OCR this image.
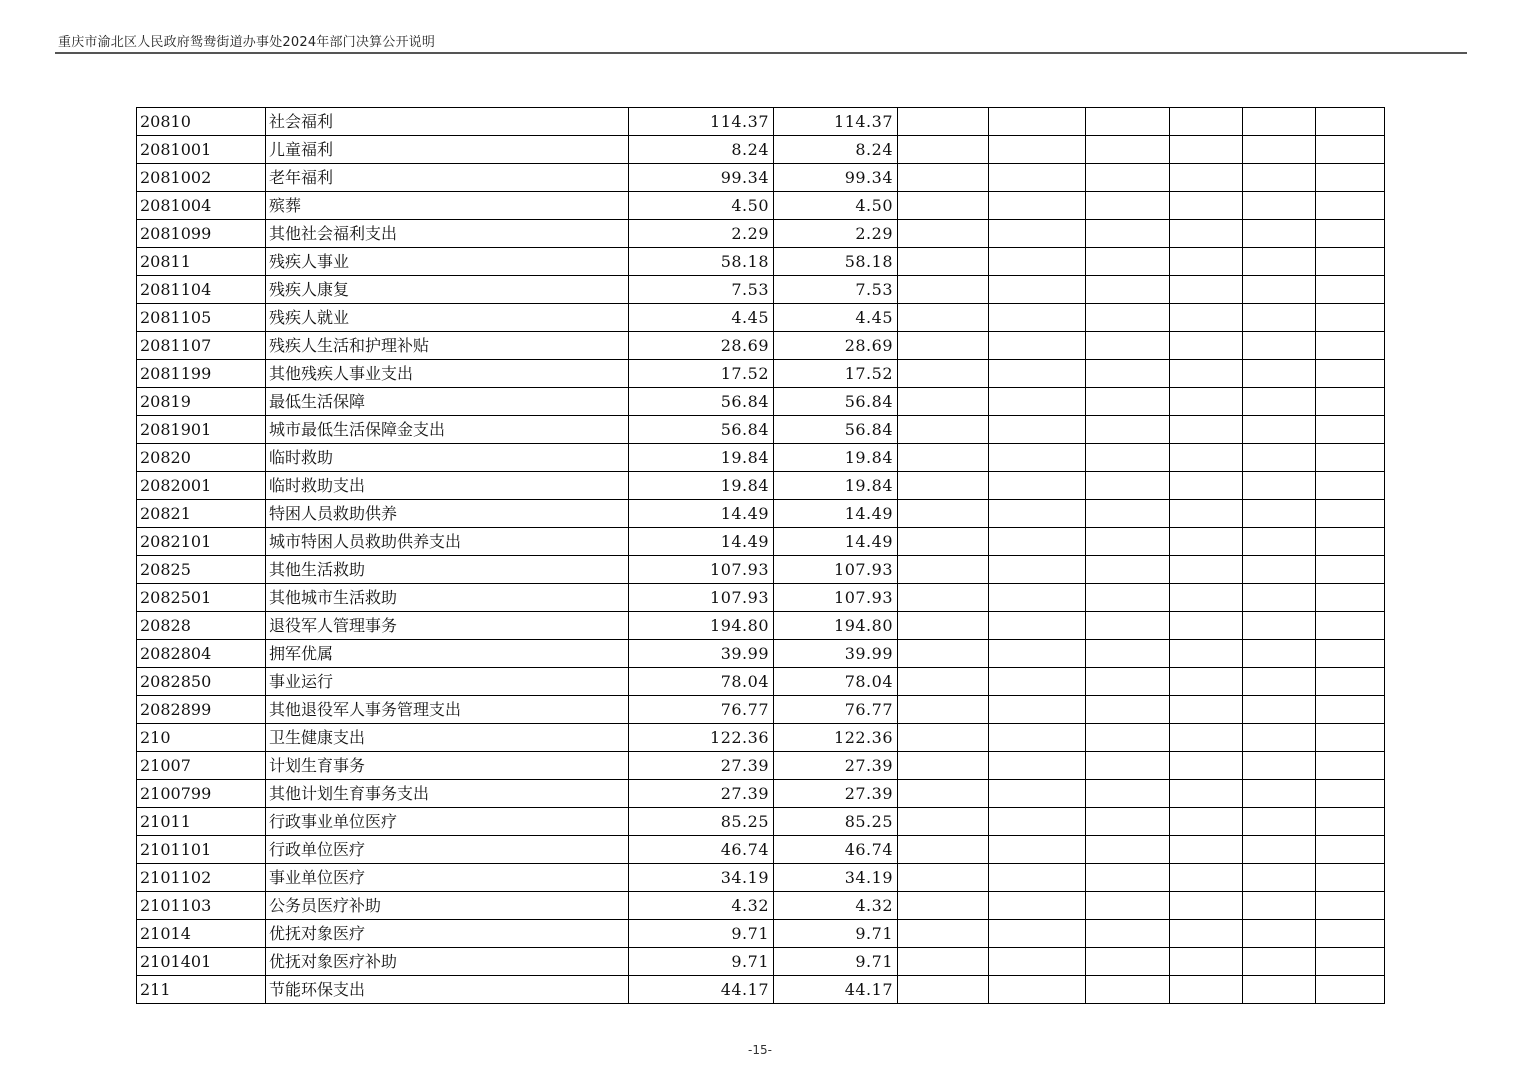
重庆市渝北区人民政府鸳鸯街道办事处2024年部门决算公开说明
20810	社会福利	114.37	114.37						
2081001	儿童福利	8.24	8.24						
2081002	老年福利	99.34	99.34						
2081004	殡葬	4.50	4.50						
2081099	其他社会福利支出	2.29	2.29						
20811	残疾人事业	58.18	58.18						
2081104	残疾人康复	7.53	7.53						
2081105	残疾人就业	4.45	4.45						
2081107	残疾人生活和护理补贴	28.69	28.69						
2081199	其他残疾人事业支出	17.52	17.52						
20819	最低生活保障	56.84	56.84						
2081901	城市最低生活保障金支出	56.84	56.84						
20820	临时救助	19.84	19.84						
2082001	临时救助支出	19.84	19.84						
20821	特困人员救助供养	14.49	14.49						
2082101	城市特困人员救助供养支出	14.49	14.49						
20825	其他生活救助	107.93	107.93						
2082501	其他城市生活救助	107.93	107.93						
20828	退役军人管理事务	194.80	194.80						
2082804	拥军优属	39.99	39.99						
2082850	事业运行	78.04	78.04						
2082899	其他退役军人事务管理支出	76.77	76.77						
210	卫生健康支出	122.36	122.36						
21007	计划生育事务	27.39	27.39						
2100799	其他计划生育事务支出	27.39	27.39						
21011	行政事业单位医疗	85.25	85.25						
2101101	行政单位医疗	46.74	46.74						
2101102	事业单位医疗	34.19	34.19						
2101103	公务员医疗补助	4.32	4.32						
21014	优抚对象医疗	9.71	9.71						
2101401	优抚对象医疗补助	9.71	9.71						
211	节能环保支出	44.17	44.17						
-15-
